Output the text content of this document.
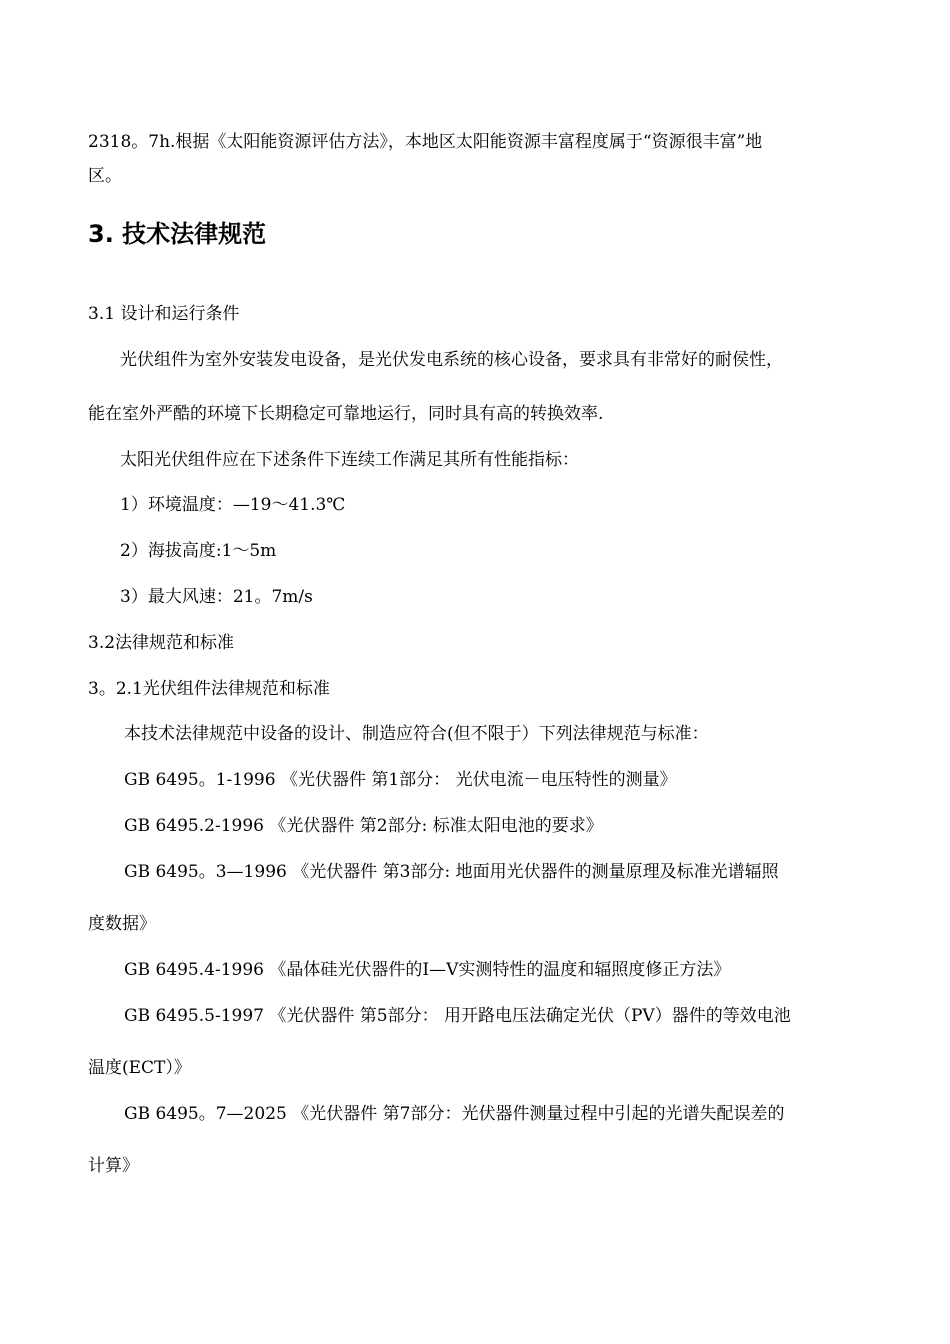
2318。7h.根据《太阳能资源评估方法》，本地区太阳能资源丰富程度属于“资源很丰富”地
区。
3. 技术法律规范
3.1 设计和运行条件
光伏组件为室外安装发电设备，是光伏发电系统的核心设备，要求具有非常好的耐侯性，
能在室外严酷的环境下长期稳定可靠地运行，同时具有高的转换效率.
太阳光伏组件应在下述条件下连续工作满足其所有性能指标：
1）环境温度：—19～41.3℃
2）海拔高度:1～5m
3）最大风速：21。7m/s
3.2法律规范和标准
3。2.1光伏组件法律规范和标准
本技术法律规范中设备的设计、制造应符合(但不限于）下列法律规范与标准：
GB 6495。1-1996 《光伏器件 第1部分： 光伏电流－电压特性的测量》
GB 6495.2-1996 《光伏器件 第2部分: 标准太阳电池的要求》
GB 6495。3—1996 《光伏器件 第3部分: 地面用光伏器件的测量原理及标准光谱辐照
度数据》
GB 6495.4-1996 《晶体硅光伏器件的I—V实测特性的温度和辐照度修正方法》
GB 6495.5-1997 《光伏器件 第5部分： 用开路电压法确定光伏（PV）器件的等效电池
温度(ECT）》
GB 6495。7—2025 《光伏器件 第7部分：光伏器件测量过程中引起的光谱失配误差的
计算》
